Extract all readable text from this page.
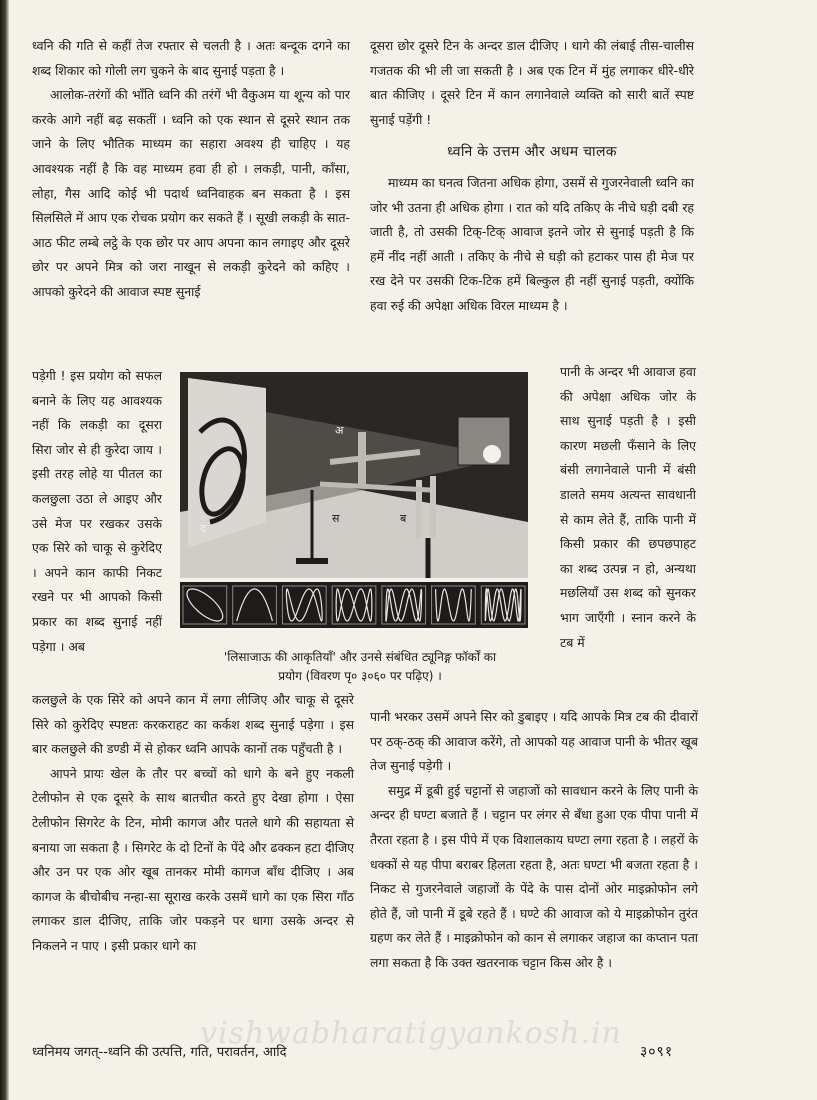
ध्वनि की गति से कहीं तेज रफ्तार से चलती है । अतः बन्दूक दगने का शब्द शिकार को गोली लग चुकने के बाद सुनाई पड़ता है ।

आलोक-तरंगों की भाँति ध्वनि की तरंगें भी वैकुअम या शून्य को पार करके आगे नहीं बढ़ सकतीं । ध्वनि को एक स्थान से दूसरे स्थान तक जाने के लिए भौतिक माध्यम का सहारा अवश्य ही चाहिए । यह आवश्यक नहीं है कि वह माध्यम हवा ही हो । लकड़ी, पानी, काँसा, लोहा, गैस आदि कोई भी पदार्थ ध्वनिवाहक बन सकता है । इस सिलसिले में आप एक रोचक प्रयोग कर सकते हैं । सूखी लकड़ी के सात-आठ फीट लम्बे लट्ठे के एक छोर पर आप अपना कान लगाइए और दूसरे छोर पर अपने मित्र को जरा नाखून से लकड़ी कुरेदने को कहिए । आपको कुरेदने की आवाज स्पष्ट सुनाई

पड़ेगी ! इस प्रयोग को सफल बनाने के लिए यह आवश्यक नहीं कि लकड़ी का दूसरा सिरा जोर से ही कुरेदा जाय । इसी तरह लोहे या पीतल का कलछुला उठा ले आइए और उसे मेज पर रखकर उसके एक सिरे को चाकू से कुरेदिए । अपने कान काफी निकट रखने पर भी आपको किसी प्रकार का शब्द सुनाई नहीं पड़ेगा । अब

दूसरा छोर दूसरे टिन के अन्दर डाल दीजिए । धागे की लंबाई तीस-चालीस गजतक की भी ली जा सकती है । अब एक टिन में मुंह लगाकर धीरे-धीरे बात कीजिए । दूसरे टिन में कान लगानेवाले व्यक्ति को सारी बातें स्पष्ट सुनाई पड़ेंगी !

ध्वनि के उत्तम और अधम चालक

माध्यम का घनत्व जितना अधिक होगा, उसमें से गुजरनेवाली ध्वनि का जोर भी उतना ही अधिक होगा । रात को यदि तकिए के नीचे घड़ी दबी रह जाती है, तो उसकी टिक्-टिक् आवाज इतने जोर से सुनाई पड़ती है कि हमें नींद नहीं आती । तकिए के नीचे से घड़ी को हटाकर पास ही मेज पर रख देने पर उसकी टिक-टिक हमें बिल्कुल ही नहीं सुनाई पड़ती, क्योंकि हवा रुई की अपेक्षा अधिक विरल माध्यम है ।

पानी के अन्दर भी आवाज हवा की अपेक्षा अधिक जोर के साथ सुनाई पड़ती है । इसी कारण मछली फँसाने के लिए बंसी लगानेवाले पानी में बंसी डालते समय अत्यन्त सावधानी से काम लेते हैं, ताकि पानी में किसी प्रकार की छपछपाहट का शब्द उत्पन्न न हो, अन्यथा मछलियाँ उस शब्द को सुनकर भाग जाएँगी । स्नान करने के टब में

द
अ
स	ब
'लिसाजाऊ की आकृतियाँ' और उनसे संबंधित ट्यूनिङ्ग फॉर्कों का
प्रयोग (विवरण पृ० ३०६० पर पढ़िए) ।

कलछुले के एक सिरे को अपने कान में लगा लीजिए और चाकू से दूसरे सिरे को कुरेदिए स्पष्टतः करकराहट का कर्कश शब्द सुनाई पड़ेगा । इस बार कलछुले की डण्डी में से होकर ध्वनि आपके कानों तक पहुँचती है ।

आपने प्रायः खेल के तौर पर बच्चों को धागे के बने हुए नकली टेलीफोन से एक दूसरे के साथ बातचीत करते हुए देखा होगा । ऐसा टेलीफोन सिगरेट के टिन, मोमी कागज और पतले धागे की सहायता से बनाया जा सकता है । सिगरेट के दो टिनों के पेंदे और ढक्कन हटा दीजिए और उन पर एक ओर खूब तानकर मोमी कागज बाँध दीजिए । अब कागज के बीचोबीच नन्हा-सा सूराख करके उसमें धागे का एक सिरा गाँठ लगाकर डाल दीजिए, ताकि जोर पकड़ने पर धागा उसके अन्दर से निकलने न पाए । इसी प्रकार धागे का

पानी भरकर उसमें अपने सिर को डुबाइए । यदि आपके मित्र टब की दीवारों पर ठक्-ठक् की आवाज करेंगे, तो आपको यह आवाज पानी के भीतर खूब तेज सुनाई पड़ेगी ।

समुद्र में डूबी हुई चट्टानों से जहाजों को सावधान करने के लिए पानी के अन्दर ही घण्टा बजाते हैं । चट्टान पर लंगर से बँधा हुआ एक पीपा पानी में तैरता रहता है । इस पीपे में एक विशालकाय घण्टा लगा रहता है । लहरों के धक्कों से यह पीपा बराबर हिलता रहता है, अतः घण्टा भी बजता रहता है । निकट से गुजरनेवाले जहाजों के पेंदे के पास दोनों ओर माइक्रोफोन लगे होते हैं, जो पानी में डूबे रहते हैं । घण्टे की आवाज को ये माइक्रोफोन तुरंत ग्रहण कर लेते हैं । माइक्रोफोन को कान से लगाकर जहाज का कप्तान पता लगा सकता है कि उक्त खतरनाक चट्टान किस ओर है ।

vishwabharatigyankosh.in
ध्वनिमय जगत्--ध्वनि की उत्पत्ति, गति, परावर्तन, आदि	३०९१
